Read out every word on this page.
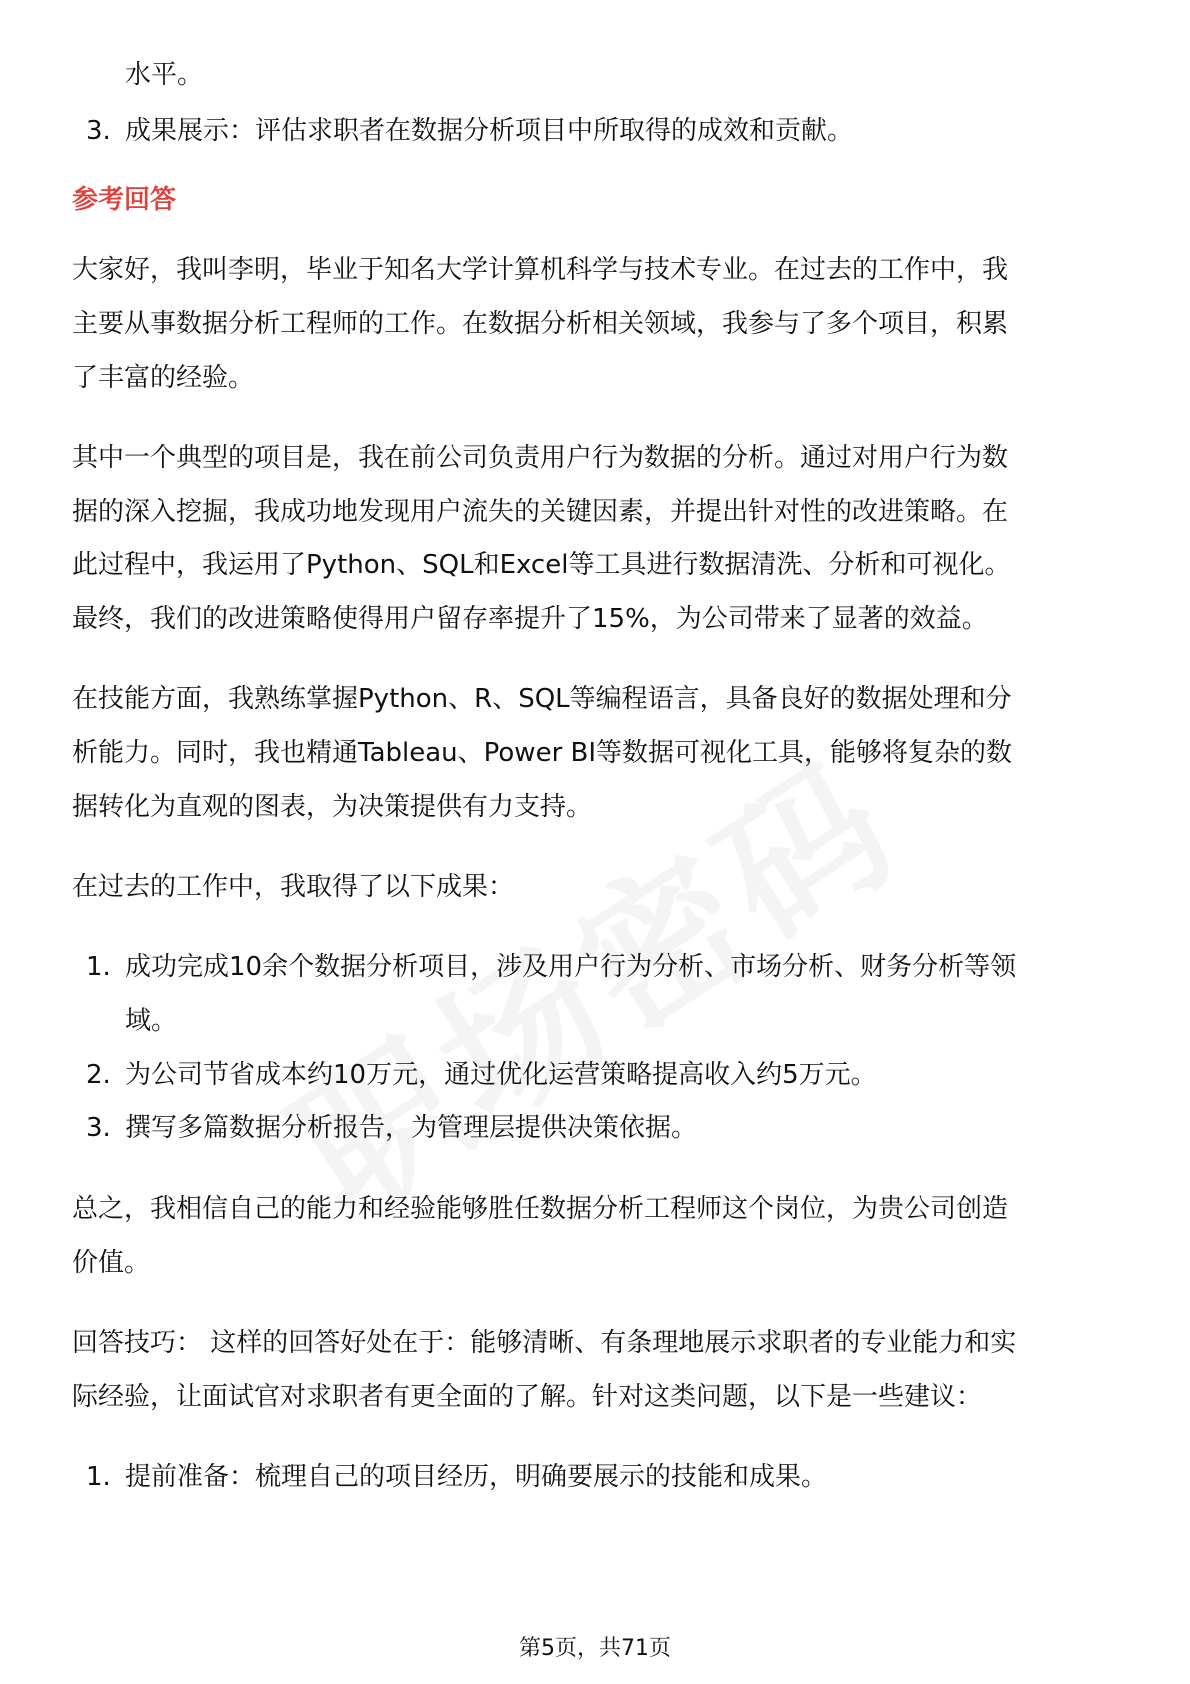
水平。
3. 成果展示：评估求职者在数据分析项目中所取得的成效和贡献。
参考回答
大家好，我叫李明，毕业于知名大学计算机科学与技术专业。在过去的工作中，我
主要从事数据分析工程师的工作。在数据分析相关领域，我参与了多个项目，积累
了丰富的经验。
其中一个典型的项目是，我在前公司负责用户行为数据的分析。通过对用户行为数
据的深入挖掘，我成功地发现用户流失的关键因素，并提出针对性的改进策略。在
此过程中，我运用了Python、SQL和Excel等工具进行数据清洗、分析和可视化。
最终，我们的改进策略使得用户留存率提升了15%，为公司带来了显著的效益。
在技能方面，我熟练掌握Python、R、SQL等编程语言，具备良好的数据处理和分
析能力。同时，我也精通Tableau、Power BI等数据可视化工具，能够将复杂的数
据转化为直观的图表，为决策提供有力支持。
在过去的工作中，我取得了以下成果：
1. 成功完成10余个数据分析项目，涉及用户行为分析、市场分析、财务分析等领
域。
2. 为公司节省成本约10万元，通过优化运营策略提高收入约5万元。
3. 撰写多篇数据分析报告，为管理层提供决策依据。
总之，我相信自己的能力和经验能够胜任数据分析工程师这个岗位，为贵公司创造
价值。
回答技巧： 这样的回答好处在于：能够清晰、有条理地展示求职者的专业能力和实
际经验，让面试官对求职者有更全面的了解。针对这类问题，以下是一些建议：
1. 提前准备：梳理自己的项目经历，明确要展示的技能和成果。
第5页，共71页
